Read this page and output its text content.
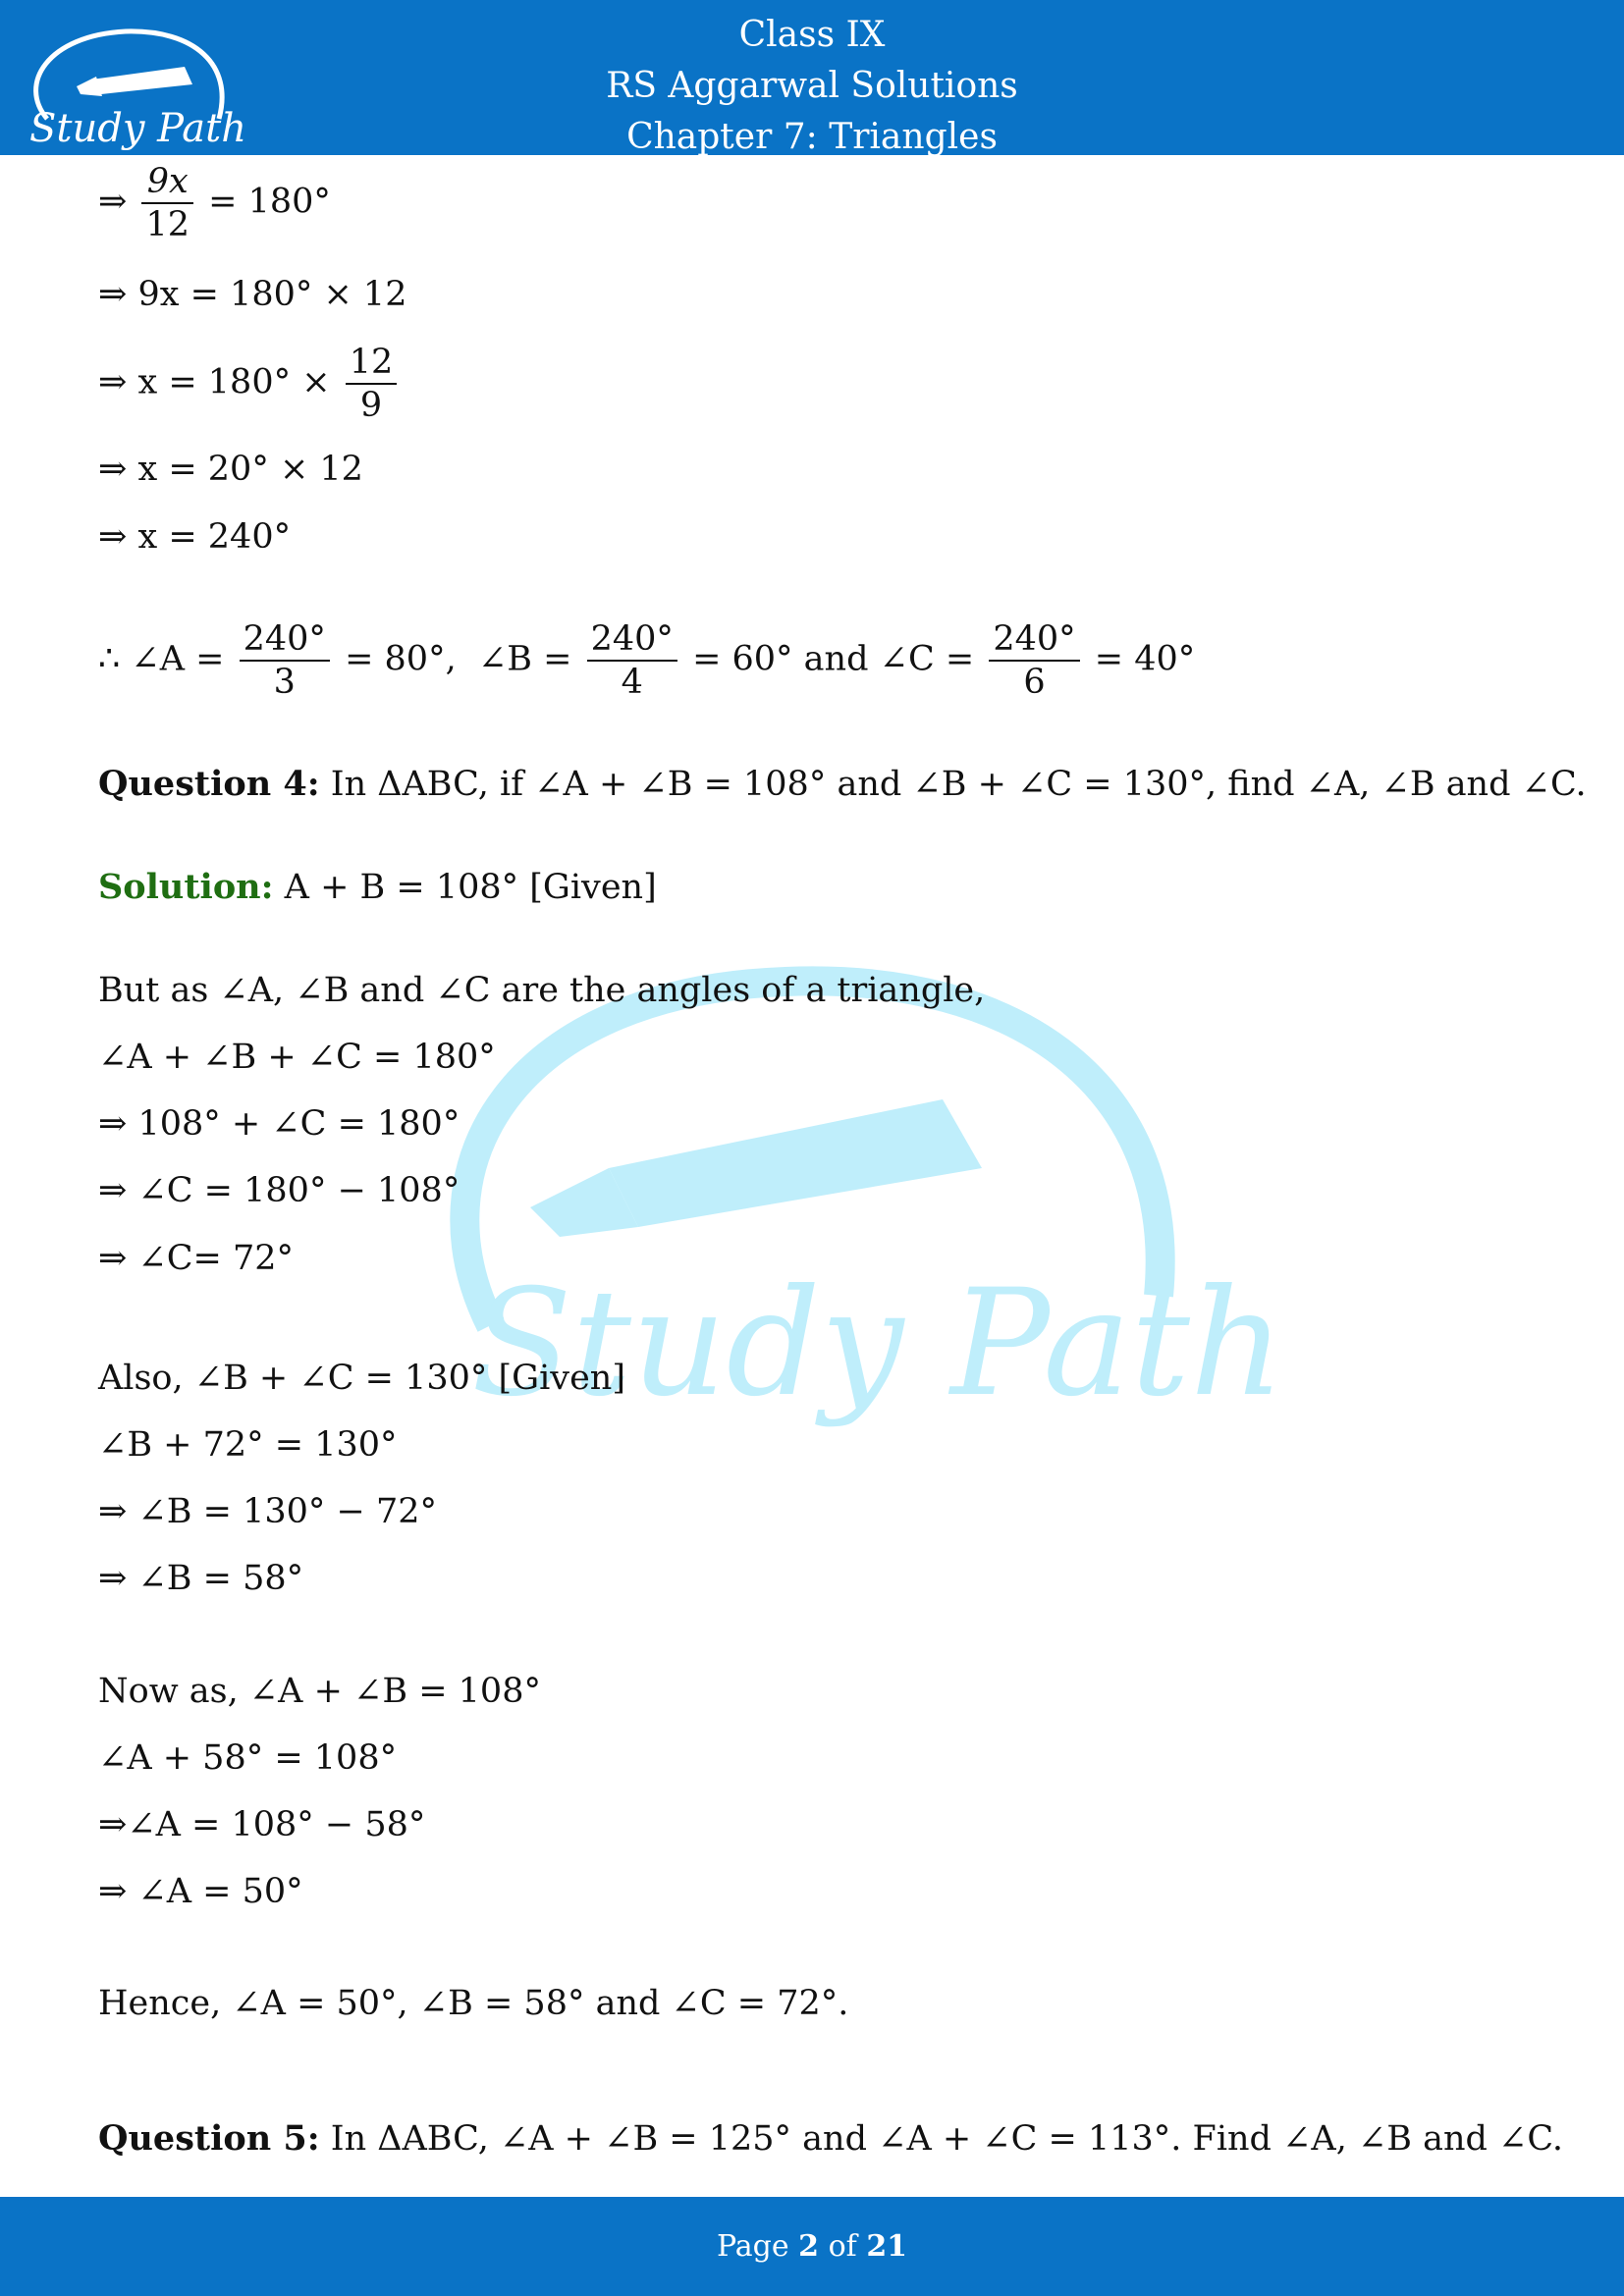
Study Path
Class IX
RS Aggarwal Solutions
Chapter 7: Triangles
Study Path
⇒ $\frac{9x}{12} = 180^\circ$
⇒ 9x = 180° × 12
⇒ $x = 180^\circ \times \frac{12}{9}$
⇒ x = 20° × 12
⇒ x = 240°
∴ ∠A = $\frac{240^\circ}{3} = 80^\circ$, ∠B = $\frac{240^\circ}{4} = 60^\circ$ and ∠C = $\frac{240^\circ}{6} = 40^\circ$
Question 4: In ΔABC, if ∠A + ∠B = 108° and ∠B + ∠C = 130°, find ∠A, ∠B and ∠C.
Solution: A + B = 108° [Given]
But as ∠A, ∠B and ∠C are the angles of a triangle,
∠A + ∠B + ∠C = 180°
⇒ 108° + ∠C = 180°
⇒ ∠C = 180° − 108°
⇒ ∠C= 72°
Also, ∠B + ∠C = 130° [Given]
∠B + 72° = 130°
⇒ ∠B = 130° − 72°
⇒ ∠B = 58°
Now as, ∠A + ∠B = 108°
∠A + 58° = 108°
⇒∠A = 108° − 58°
⇒ ∠A = 50°
Hence, ∠A = 50°, ∠B = 58° and ∠C = 72°.
Question 5: In ΔABC, ∠A + ∠B = 125° and ∠A + ∠C = 113°. Find ∠A, ∠B and ∠C.
Page 2 of 21
